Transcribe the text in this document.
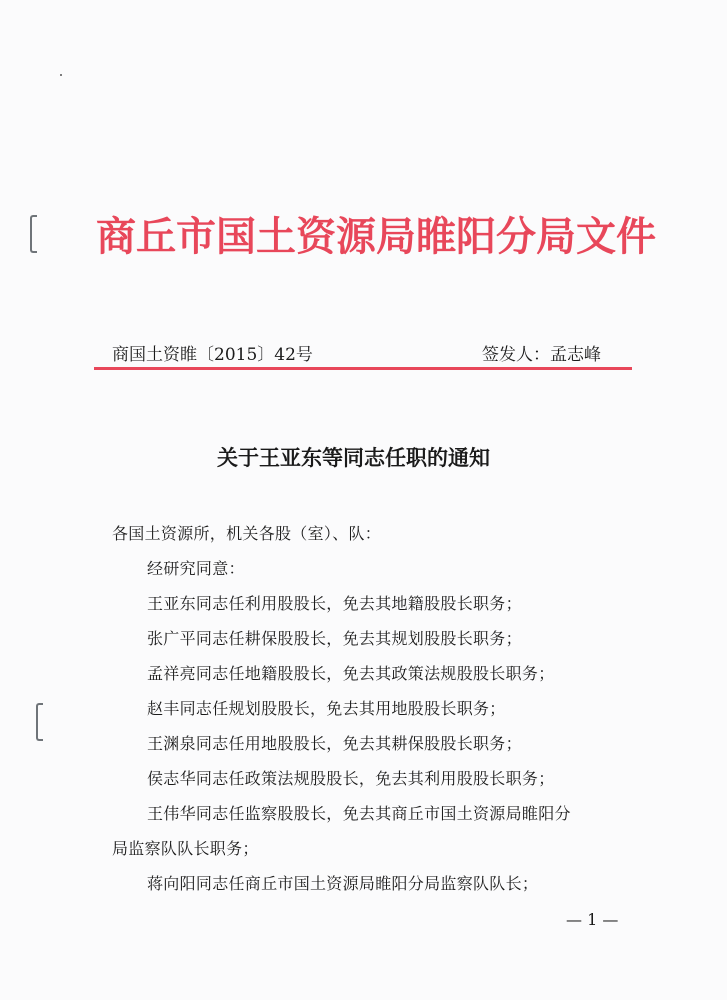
商丘市国土资源局睢阳分局文件
商国土资睢〔2015〕42号	签发人：孟志峰
关于王亚东等同志任职的通知
各国土资源所，机关各股（室）、队：
经研究同意：
王亚东同志任利用股股长，免去其地籍股股长职务；
张广平同志任耕保股股长，免去其规划股股长职务；
孟祥亮同志任地籍股股长，免去其政策法规股股长职务；
赵丰同志任规划股股长，免去其用地股股长职务；
王渊泉同志任用地股股长，免去其耕保股股长职务；
侯志华同志任政策法规股股长，免去其利用股股长职务；
王伟华同志任监察股股长，免去其商丘市国土资源局睢阳分
局监察队队长职务；
蒋向阳同志任商丘市国土资源局睢阳分局监察队队长；
— 1 —
